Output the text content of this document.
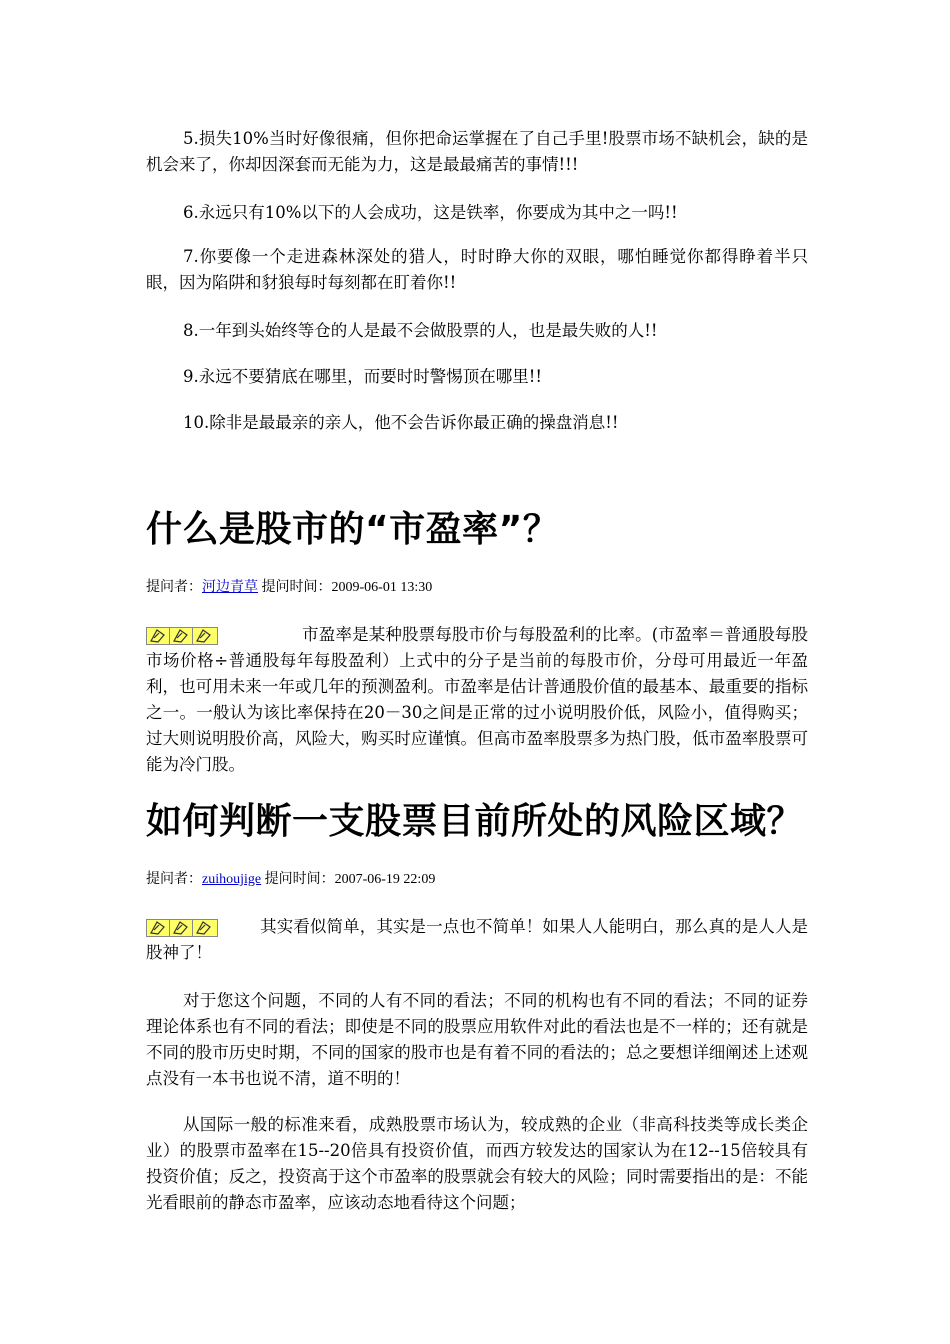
5.损失10%当时好像很痛，但你把命运掌握在了自己手里!股票市场不缺机会，缺的是机会来了，你却因深套而无能为力，这是最最痛苦的事情!!!

6.永远只有10%以下的人会成功，这是铁率，你要成为其中之一吗!!

7.你要像一个走进森林深处的猎人，时时睁大你的双眼，哪怕睡觉你都得睁着半只眼，因为陷阱和豺狼每时每刻都在盯着你!!

8.一年到头始终等仓的人是最不会做股票的人，也是最失败的人!!

9.永远不要猜底在哪里，而要时时警惕顶在哪里!!

10.除非是最最亲的亲人，他不会告诉你最正确的操盘消息!!

什么是股市的“市盈率”？
提问者：河边青草 提问时间：2009-06-01 13:30

市盈率是某种股票每股市价与每股盈利的比率。(市盈率＝普通股每股市场价格÷普通股每年每股盈利）上式中的分子是当前的每股市价，分母可用最近一年盈利，也可用未来一年或几年的预测盈利。市盈率是估计普通股价值的最基本、最重要的指标之一。一般认为该比率保持在20－30之间是正常的过小说明股价低，风险小，值得购买；过大则说明股价高，风险大，购买时应谨慎。但高市盈率股票多为热门股，低市盈率股票可能为冷门股。

如何判断一支股票目前所处的风险区域？
提问者：zuihoujige 提问时间：2007-06-19 22:09

其实看似简单，其实是一点也不简单！如果人人能明白，那么真的是人人是股神了！

对于您这个问题，不同的人有不同的看法；不同的机构也有不同的看法；不同的证券理论体系也有不同的看法；即使是不同的股票应用软件对此的看法也是不一样的；还有就是不同的股市历史时期，不同的国家的股市也是有着不同的看法的；总之要想详细阐述上述观点没有一本书也说不清，道不明的！

从国际一般的标准来看，成熟股票市场认为，较成熟的企业（非高科技类等成长类企业）的股票市盈率在15--20倍具有投资价值，而西方较发达的国家认为在12--15倍较具有投资价值；反之，投资高于这个市盈率的股票就会有较大的风险；同时需要指出的是：不能光看眼前的静态市盈率，应该动态地看待这个问题；
